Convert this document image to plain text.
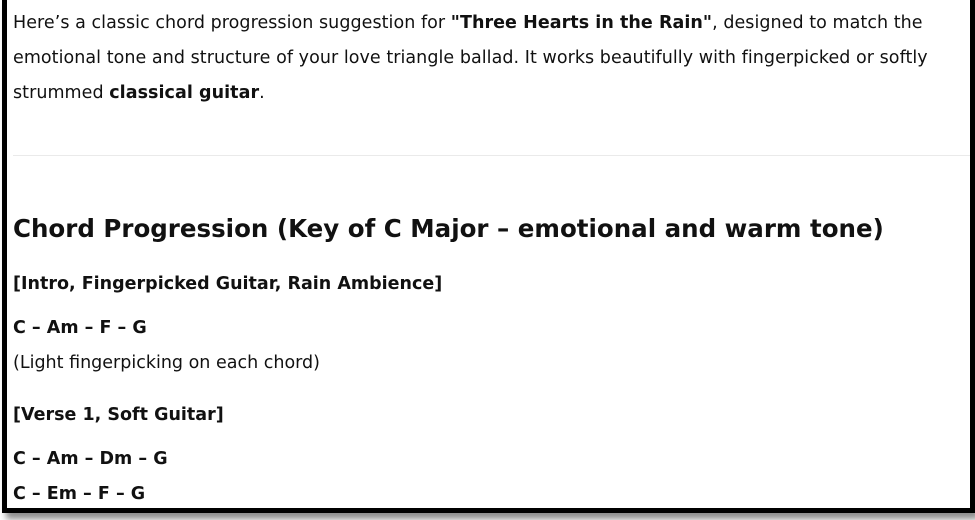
Here’s a classic chord progression suggestion for "Three Hearts in the Rain", designed to match the emotional tone and structure of your love triangle ballad. It works beautifully with fingerpicked or softly strummed classical guitar.

Chord Progression (Key of C Major – emotional and warm tone)

[Intro, Fingerpicked Guitar, Rain Ambience]

C – Am – F – G

(Light fingerpicking on each chord)

[Verse 1, Soft Guitar]

C – Am – Dm – G

C – Em – F – G
